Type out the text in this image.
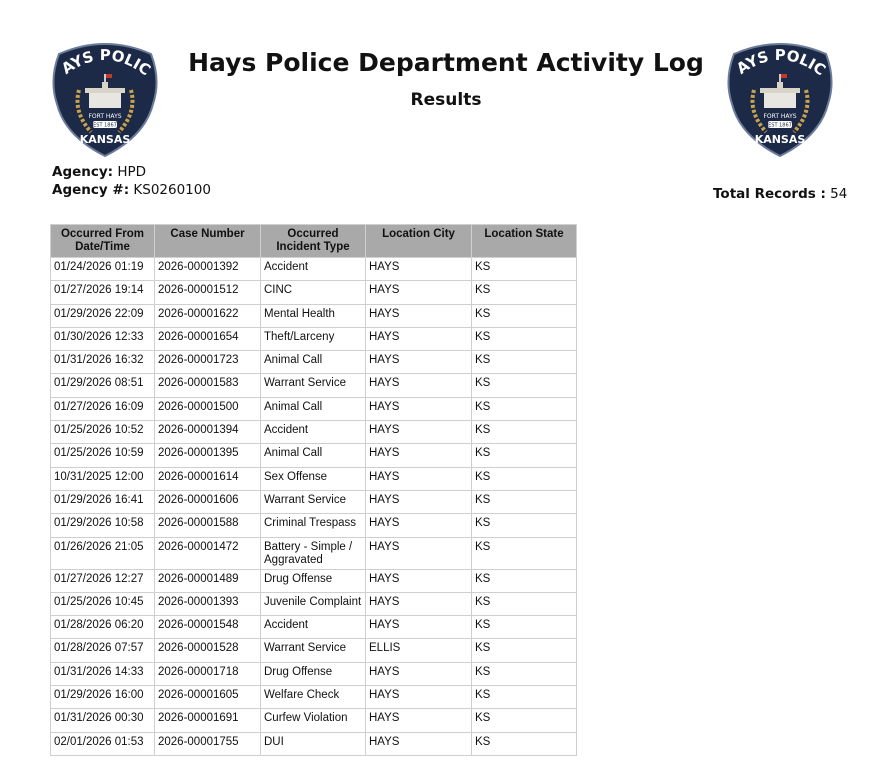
AYS POLIC
FORT HAYS
EST 1867
KANSAS
AYS POLIC
FORT HAYS
EST 1867
KANSAS
Hays Police Department Activity Log
Results
Agency: HPD
Agency #: KS0260100	Total Records : 54
Occurred From Date/Time	Case Number	Occurred Incident Type	Location City	Location State
01/24/2026 01:19	2026-00001392	Accident	HAYS	KS
01/27/2026 19:14	2026-00001512	CINC	HAYS	KS
01/29/2026 22:09	2026-00001622	Mental Health	HAYS	KS
01/30/2026 12:33	2026-00001654	Theft/Larceny	HAYS	KS
01/31/2026 16:32	2026-00001723	Animal Call	HAYS	KS
01/29/2026 08:51	2026-00001583	Warrant Service	HAYS	KS
01/27/2026 16:09	2026-00001500	Animal Call	HAYS	KS
01/25/2026 10:52	2026-00001394	Accident	HAYS	KS
01/25/2026 10:59	2026-00001395	Animal Call	HAYS	KS
10/31/2025 12:00	2026-00001614	Sex Offense	HAYS	KS
01/29/2026 16:41	2026-00001606	Warrant Service	HAYS	KS
01/29/2026 10:58	2026-00001588	Criminal Trespass	HAYS	KS
01/26/2026 21:05	2026-00001472	Battery - Simple / Aggravated	HAYS	KS
01/27/2026 12:27	2026-00001489	Drug Offense	HAYS	KS
01/25/2026 10:45	2026-00001393	Juvenile Complaint	HAYS	KS
01/28/2026 06:20	2026-00001548	Accident	HAYS	KS
01/28/2026 07:57	2026-00001528	Warrant Service	ELLIS	KS
01/31/2026 14:33	2026-00001718	Drug Offense	HAYS	KS
01/29/2026 16:00	2026-00001605	Welfare Check	HAYS	KS
01/31/2026 00:30	2026-00001691	Curfew Violation	HAYS	KS
02/01/2026 01:53	2026-00001755	DUI	HAYS	KS
